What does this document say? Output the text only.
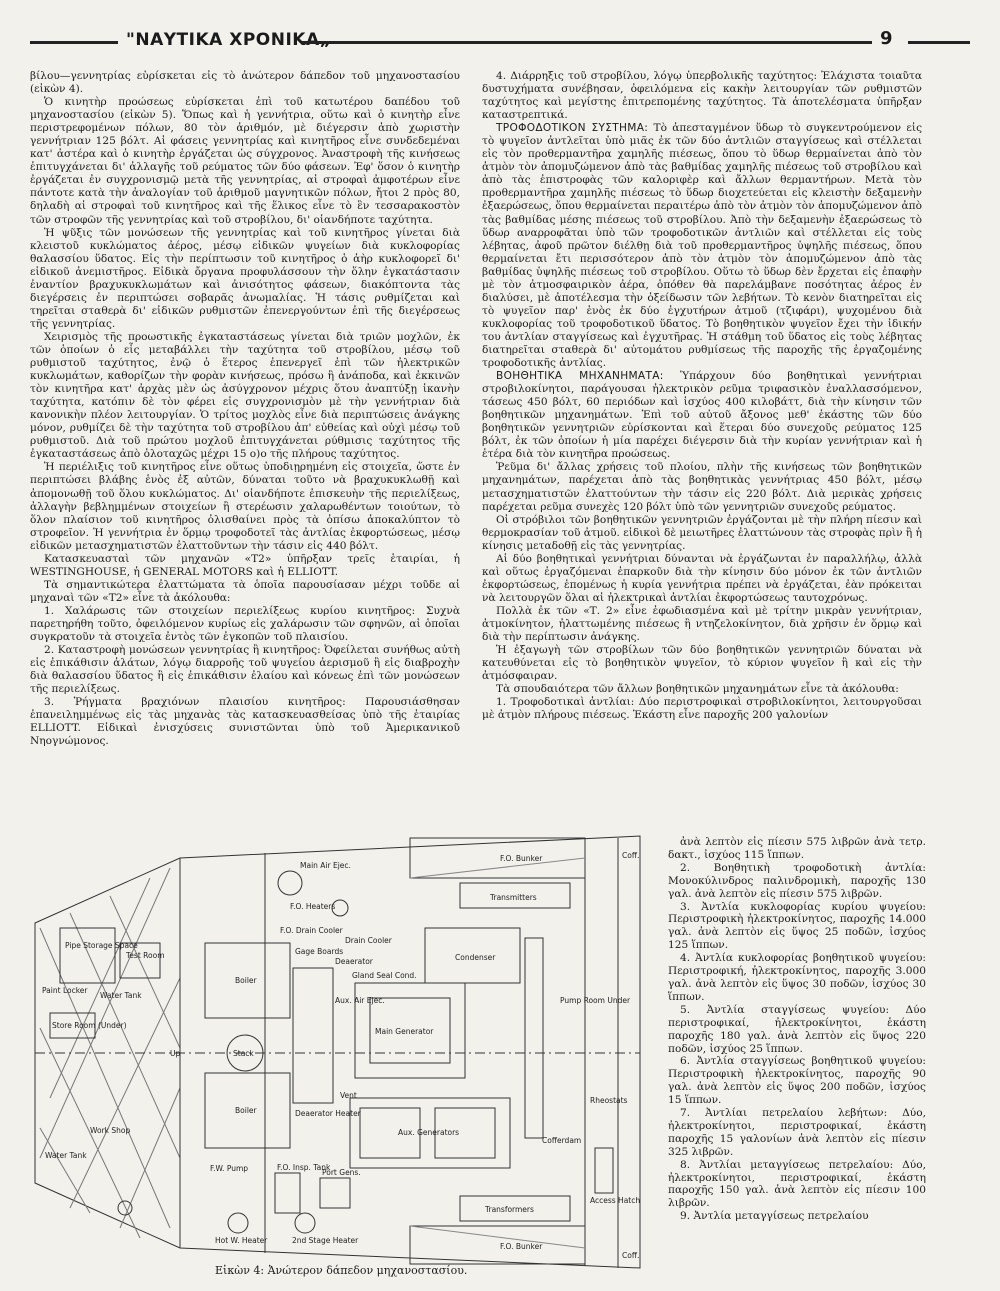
"ΝΑΥΤΙΚΑ ΧΡΟΝΙΚΑ„	9

βίλου—γεννητρίας εὑρίσκεται εἰς τὸ ἀνώτερον δάπεδον τοῦ μηχανοστασίου (εἰκὼν 4).

Ὁ κινητὴρ προώσεως εὑρίσκεται ἐπὶ τοῦ κατωτέρου δαπέδου τοῦ μηχανοστασίου (εἰκὼν 5). Ὅπως καὶ ἡ γεννήτρια, οὕτω καὶ ὁ κινητὴρ εἶνε περιστρεφομένων πόλων, 80 τὸν ἀριθμόν, μὲ διέγερσιν ἀπὸ χωριστὴν γεννήτριαν 125 βόλτ. Αἱ φάσεις γεννητρίας καὶ κινητῆρος εἶνε συνδεδεμέναι κατ' ἀστέρα καὶ ὁ κινητὴρ ἐργάζεται ὡς σύγχρονος. Ἀναστροφὴ τῆς κινήσεως ἐπιτυγχάνεται δι' ἀλλαγῆς τοῦ ρεύματος τῶν δύο φάσεων. Ἐφ' ὅσον ὁ κινητὴρ ἐργάζεται ἐν συγχρονισμῷ μετὰ τῆς γεννητρίας, αἱ στροφαὶ ἀμφοτέρων εἶνε πάντοτε κατὰ τὴν ἀναλογίαν τοῦ ἀριθμοῦ μαγνητικῶν πόλων, ἤτοι 2 πρὸς 80, δηλαδὴ αἱ στροφαὶ τοῦ κινητῆρος καὶ τῆς ἕλικος εἶνε τὸ ἓν τεσσαρακοστὸν τῶν στροφῶν τῆς γεννητρίας καὶ τοῦ στροβίλου, δι' οἱανδήποτε ταχύτητα.

Ἡ ψῦξις τῶν μονώσεων τῆς γεννητρίας καὶ τοῦ κινητῆρος γίνεται διὰ κλειστοῦ κυκλώματος ἀέρος, μέσῳ εἰδικῶν ψυγείων διὰ κυκλοφορίας θαλασσίου ὕδατος. Εἰς τὴν περίπτωσιν τοῦ κινητῆρος ὁ ἀὴρ κυκλοφορεῖ δι' εἰδικοῦ ἀνεμιστῆρος. Εἰδικὰ ὄργανα προφυλάσσουν τὴν ὅλην ἐγκατάστασιν ἐναντίον βραχυκυκλωμάτων καὶ ἀνισότητος φάσεων, διακόπτοντα τὰς διεγέρσεις ἐν περιπτώσει σοβαρᾶς ἀνωμαλίας. Ἡ τάσις ρυθμίζεται καὶ τηρεῖται σταθερὰ δι' εἰδικῶν ρυθμιστῶν ἐπενεργούντων ἐπὶ τῆς διεγέρσεως τῆς γεννητρίας.

Χειρισμὸς τῆς προωστικῆς ἐγκαταστάσεως γίνεται διὰ τριῶν μοχλῶν, ἐκ τῶν ὁποίων ὁ εἷς μεταβάλλει τὴν ταχύτητα τοῦ στροβίλου, μέσῳ τοῦ ρυθμιστοῦ ταχύτητος, ἐνῷ ὁ ἕτερος ἐπενεργεῖ ἐπὶ τῶν ἠλεκτρικῶν κυκλωμάτων, καθορίζων τὴν φορὰν κινήσεως, πρόσω ἢ ἀνάποδα, καὶ ἐκκινῶν τὸν κινητῆρα κατ' ἀρχὰς μὲν ὡς ἀσύγχρονον μέχρις ὅτου ἀναπτύξῃ ἱκανὴν ταχύτητα, κατόπιν δὲ τὸν φέρει εἰς συγχρονισμὸν μὲ τὴν γεννήτριαν διὰ κανονικὴν πλέον λειτουργίαν. Ὁ τρίτος μοχλὸς εἶνε διὰ περιπτώσεις ἀνάγκης μόνον, ρυθμίζει δὲ τὴν ταχύτητα τοῦ στροβίλου ἀπ' εὐθείας καὶ οὐχὶ μέσῳ τοῦ ρυθμιστοῦ. Διὰ τοῦ πρώτου μοχλοῦ ἐπιτυγχάνεται ρύθμισις ταχύτητος τῆς ἐγκαταστάσεως ἀπὸ ὁλοταχῶς μέχρι 15 ο)ο τῆς πλήρους ταχύτητος.

Ἡ περιέλιξις τοῦ κινητῆρος εἶνε οὕτως ὑποδιῃρημένη εἰς στοιχεῖα, ὥστε ἐν περιπτώσει βλάβης ἑνὸς ἐξ αὐτῶν, δύναται τοῦτο νὰ βραχυκυκλωθῇ καὶ ἀπομονωθῇ τοῦ ὅλου κυκλώματος. Δι' οἱανδήποτε ἐπισκευὴν τῆς περιελίξεως, ἀλλαγὴν βεβλημμένων στοιχείων ἢ στερέωσιν χαλαρωθέντων τοιούτων, τὸ ὅλον πλαίσιον τοῦ κινητῆρος ὀλισθαίνει πρὸς τὰ ὀπίσω ἀποκαλύπτον τὸ στροφεῖον. Ἡ γεννήτρια ἐν ὅρμῳ τροφοδοτεῖ τὰς ἀντλίας ἐκφορτώσεως, μέσῳ εἰδικῶν μετασχηματιστῶν ἐλαττοῦντων τὴν τάσιν εἰς 440 βόλτ.

Κατασκευασταὶ τῶν μηχανῶν «Τ2» ὑπῆρξαν τρεῖς ἑταιρίαι, ἡ WESTINGHOUSE, ἡ GENERAL MOTORS καὶ ἡ ELLIOTT.

Τὰ σημαντικώτερα ἐλαττώματα τὰ ὁποῖα παρουσίασαν μέχρι τοῦδε αἱ μηχαναὶ τῶν «Τ2» εἶνε τὰ ἀκόλουθα:

1. Χαλάρωσις τῶν στοιχείων περιελίξεως κυρίου κινητῆρος: Συχνὰ παρετηρήθη τοῦτο, ὀφειλόμενον κυρίως εἰς χαλάρωσιν τῶν σφηνῶν, αἱ ὁποῖαι συγκρατοῦν τὰ στοιχεῖα ἐντὸς τῶν ἐγκοπῶν τοῦ πλαισίου.

2. Καταστροφὴ μονώσεων γεννητρίας ἢ κινητῆρος: Ὀφείλεται συνήθως αὐτὴ εἰς ἐπικάθισιν ἁλάτων, λόγῳ διαρροῆς τοῦ ψυγείου ἀερισμοῦ ἢ εἰς διαβροχὴν διὰ θαλασσίου ὕδατος ἢ εἰς ἐπικάθισιν ἐλαίου καὶ κόνεως ἐπὶ τῶν μονώσεων τῆς περιελίξεως.

3. Ῥήγματα βραχιόνων πλαισίου κινητῆρος: Παρουσιάσθησαν ἐπανειλημμένως εἰς τὰς μηχανὰς τὰς κατασκευασθείσας ὑπὸ τῆς ἑταιρίας ELLIOTT. Εἰδικαὶ ἐνισχύσεις συνιστῶνται ὑπὸ τοῦ Ἀμερικανικοῦ Νηογνώμονος.

4. Διάρρηξις τοῦ στροβίλου, λόγῳ ὑπερβολικῆς ταχύτητος: Ἐλάχιστα τοιαῦτα δυστυχήματα συνέβησαν, ὀφειλόμενα εἰς κακὴν λειτουργίαν τῶν ρυθμιστῶν ταχύτητος καὶ μεγίστης ἐπιτρεπομένης ταχύτητος. Τὰ ἀποτελέσματα ὑπῆρξαν καταστρεπτικά.

ΤΡΟΦΟΔΟΤΙΚΟΝ ΣΥΣΤΗΜΑ: Τὸ ἀπεσταγμένον ὕδωρ τὸ συγκεντρούμενον εἰς τὸ ψυγεῖον ἀντλεῖται ὑπὸ μιᾶς ἐκ τῶν δύο ἀντλιῶν σταγγίσεως καὶ στέλλεται εἰς τὸν προθερμαντῆρα χαμηλῆς πιέσεως, ὅπου τὸ ὕδωρ θερμαίνεται ἀπὸ τὸν ἀτμὸν τὸν ἀπομυζώμενον ἀπὸ τὰς βαθμίδας χαμηλῆς πιέσεως τοῦ στροβίλου καὶ ἀπὸ τὰς ἐπιστροφὰς τῶν καλοριφὲρ καὶ ἄλλων θερμαντήρων. Μετὰ τὸν προθερμαντῆρα χαμηλῆς πιέσεως τὸ ὕδωρ διοχετεύεται εἰς κλειστὴν δεξαμενὴν ἐξαερώσεως, ὅπου θερμαίνεται περαιτέρω ἀπὸ τὸν ἀτμὸν τὸν ἀπομυζώμενον ἀπὸ τὰς βαθμίδας μέσης πιέσεως τοῦ στροβίλου. Ἀπὸ τὴν δεξαμενὴν ἐξαερώσεως τὸ ὕδωρ αναρροφᾶται ὑπὸ τῶν τροφοδοτικῶν ἀντλιῶν καὶ στέλλεται εἰς τοὺς λέβητας, ἀφοῦ πρῶτον διέλθῃ διὰ τοῦ προθερμαντῆρος ὑψηλῆς πιέσεως, ὅπου θερμαίνεται ἔτι περισσότερον ἀπὸ τὸν ἀτμὸν τὸν ἀπομυζώμενον ἀπὸ τὰς βαθμίδας ὑψηλῆς πιέσεως τοῦ στροβίλου. Οὕτω τὸ ὕδωρ δὲν ἔρχεται εἰς ἐπαφὴν μὲ τὸν ἀτμοσφαιρικὸν ἀέρα, ὁπόθεν θὰ παρελάμβανε ποσότητας ἀέρος ἐν διαλύσει, μὲ ἀποτέλεσμα τὴν ὀξείδωσιν τῶν λεβήτων. Τὸ κενὸν διατηρεῖται εἰς τὸ ψυγεῖον παρ' ἑνὸς ἐκ δύο ἐγχυτήρων ἀτμοῦ (τζιφάρι), ψυχομένου διὰ κυκλοφορίας τοῦ τροφοδοτικοῦ ὕδατος. Τὸ βοηθητικὸν ψυγεῖον ἔχει τὴν ἰδικήν του ἀντλίαν σταγγίσεως καὶ ἐγχυτῆρας. Ἡ στάθμη τοῦ ὕδατος εἰς τοὺς λέβητας διατηρεῖται σταθερὰ δι' αὐτομάτου ρυθμίσεως τῆς παροχῆς τῆς ἐργαζομένης τροφοδοτικῆς ἀντλίας.

ΒΟΗΘΗΤΙΚΑ ΜΗΧΑΝΗΜΑΤΑ: Ὑπάρχουν δύο βοηθητικαὶ γεννήτριαι στροβιλοκίνητοι, παράγουσαι ἠλεκτρικὸν ρεῦμα τριφασικὸν ἐναλλασσόμενον, τάσεως 450 βόλτ, 60 περιόδων καὶ ἰσχύος 400 κιλοβάττ, διὰ τὴν κίνησιν τῶν βοηθητικῶν μηχανημάτων. Ἐπὶ τοῦ αὐτοῦ ἄξονος μεθ' ἑκάστης τῶν δύο βοηθητικῶν γεννητριῶν εὑρίσκονται καὶ ἕτεραι δύο συνεχοῦς ρεύματος 125 βόλτ, ἐκ τῶν ὁποίων ἡ μία παρέχει διέγερσιν διὰ τὴν κυρίαν γεννήτριαν καὶ ἡ ἑτέρα διὰ τὸν κινητῆρα προώσεως.

Ῥεῦμα δι' ἄλλας χρήσεις τοῦ πλοίου, πλὴν τῆς κινήσεως τῶν βοηθητικῶν μηχανημάτων, παρέχεται ἀπὸ τὰς βοηθητικὰς γεννήτριας 450 βόλτ, μέσῳ μετασχηματιστῶν ἐλαττούντων τὴν τάσιν εἰς 220 βόλτ. Διὰ μερικὰς χρήσεις παρέχεται ρεῦμα συνεχὲς 120 βόλτ ὑπὸ τῶν γεννητριῶν συνεχοῦς ρεύματος.

Οἱ στρόβιλοι τῶν βοηθητικῶν γεννητριῶν ἐργάζονται μὲ τὴν πλήρη πίεσιν καὶ θερμοκρασίαν τοῦ ἀτμοῦ. εἰδικοὶ δὲ μειωτῆρες ἐλαττώνουν τὰς στροφὰς πρὶν ἢ ἡ κίνησις μεταδοθῇ εἰς τὰς γεννητρίας.

Αἱ δύο βοηθητικαὶ γεννήτριαι δύνανται νὰ ἐργάζωνται ἐν παραλλήλῳ, ἀλλὰ καὶ οὕτως ἐργαζόμεναι ἐπαρκοῦν διὰ τὴν κίνησιν δύο μόνον ἐκ τῶν ἀντλιῶν ἐκφορτώσεως, ἑπομένως ἡ κυρία γεννήτρια πρέπει νὰ ἐργάζεται, ἐὰν πρόκειται νὰ λειτουργῶν ὅλαι αἱ ἠλεκτρικαὶ ἀντλίαι ἐκφορτώσεως ταυτοχρόνως.

Πολλὰ ἐκ τῶν «Τ. 2» εἶνε ἐφωδιασμένα καὶ μὲ τρίτην μικρὰν γεννήτριαν, ἀτμοκίνητον, ἠλαττωμένης πιέσεως ἢ ντηζελοκίνητον, διὰ χρῆσιν ἐν ὅρμῳ καὶ διὰ τὴν περίπτωσιν ἀνάγκης.

Ἡ ἐξαγωγὴ τῶν στροβίλων τῶν δύο βοηθητικῶν γεννητριῶν δύναται νὰ κατευθύνεται εἰς τὸ βοηθητικὸν ψυγεῖον, τὸ κύριον ψυγεῖον ἢ καὶ εἰς τὴν ἀτμόσφαιραν.

Τὰ σπουδαιότερα τῶν ἄλλων βοηθητικῶν μηχανημάτων εἶνε τὰ ἀκόλουθα:

1. Τροφοδοτικαὶ ἀντλίαι: Δύο περιστροφικαὶ στροβιλοκίνητοι, λειτουργοῦσαι μὲ ἀτμὸν πλήρους πιέσεως. Ἑκάστη εἶνε παροχῆς 200 γαλονίων

ἀνὰ λεπτὸν εἰς πίεσιν 575 λιβρῶν ἀνὰ τετρ. δακτ., ἰσχύος 115 ἵππων.

2. Βοηθητικὴ τροφοδοτικὴ ἀντλία: Μονοκύλινδρος παλινδρομικὴ, παροχῆς 130 γαλ. ἀνὰ λεπτὸν εἰς πίεσιν 575 λιβρῶν.

3. Ἀντλία κυκλοφορίας κυρίου ψυγείου: Περιστροφικὴ ἠλεκτροκίνητος, παροχῆς 14.000 γαλ. ἀνὰ λεπτὸν εἰς ὕψος 25 ποδῶν, ἰσχύος 125 ἵππων.

4. Ἀντλία κυκλοφορίας βοηθητικοῦ ψυγείου: Περιστροφική, ἠλεκτροκίνητος, παροχῆς 3.000 γαλ. ἀνὰ λεπτὸν εἰς ὕψος 30 ποδῶν, ἰσχύος 30 ἵππων.

5. Ἀντλία σταγγίσεως ψυγείου: Δύο περιστροφικαί, ἠλεκτροκίνητοι, ἑκάστη παροχῆς 180 γαλ. ἀνὰ λεπτὸν εἰς ὕψος 220 ποδῶν, ἰσχύος 25 ἵππων.

6. Ἀντλία σταγγίσεως βοηθητικοῦ ψυγείου: Περιστροφικὴ ἠλεκτροκίνητος, παροχῆς 90 γαλ. ἀνὰ λεπτὸν εἰς ὕψος 200 ποδῶν, ἰσχύος 15 ἵππων.

7. Ἀντλίαι πετρελαίου λεβήτων: Δύο, ἠλεκτροκίνητοι, περιστροφικαί, ἑκάστη παροχῆς 15 γαλονίων ἀνὰ λεπτὸν εἰς πίεσιν 325 λιβρῶν.

8. Ἀντλίαι μεταγγίσεως πετρελαίου: Δύο, ἠλεκτροκίνητοι, περιστροφικαί, ἑκάστη παροχῆς 150 γαλ. ἀνὰ λεπτὸν εἰς πίεσιν 100 λιβρῶν.

9. Ἀντλία μεταγγίσεως πετρελαίου

F.O. Bunker
F.O. Bunker
F.O. Heaters
F.O. Drain Cooler
Drain Cooler
Deaerator
Deaerator Heater
Condenser
Gland Seal Cond.
Aux. Air Ejec.
Main Air Ejec.
Main Generator
Aux. Generators
Transmitters
Transformers
Pump Room Under
Rheostats
Access Hatch
Boiler
Boiler
Stack
Gage Boards
Pipe Storage Space
Test Room
Paint Locker
Store Room (Under)
Water Tank
Water Tank
Work Shop
F.W. Pump	F.O. Insp. Tank
Port Gens.
Hot W. Heater	2nd Stage Heater
Vent
Cofferdam
Coff.
Coff.
Up
Εἰκὼν 4: Ἀνώτερον δάπεδον μηχανοστασίου.
